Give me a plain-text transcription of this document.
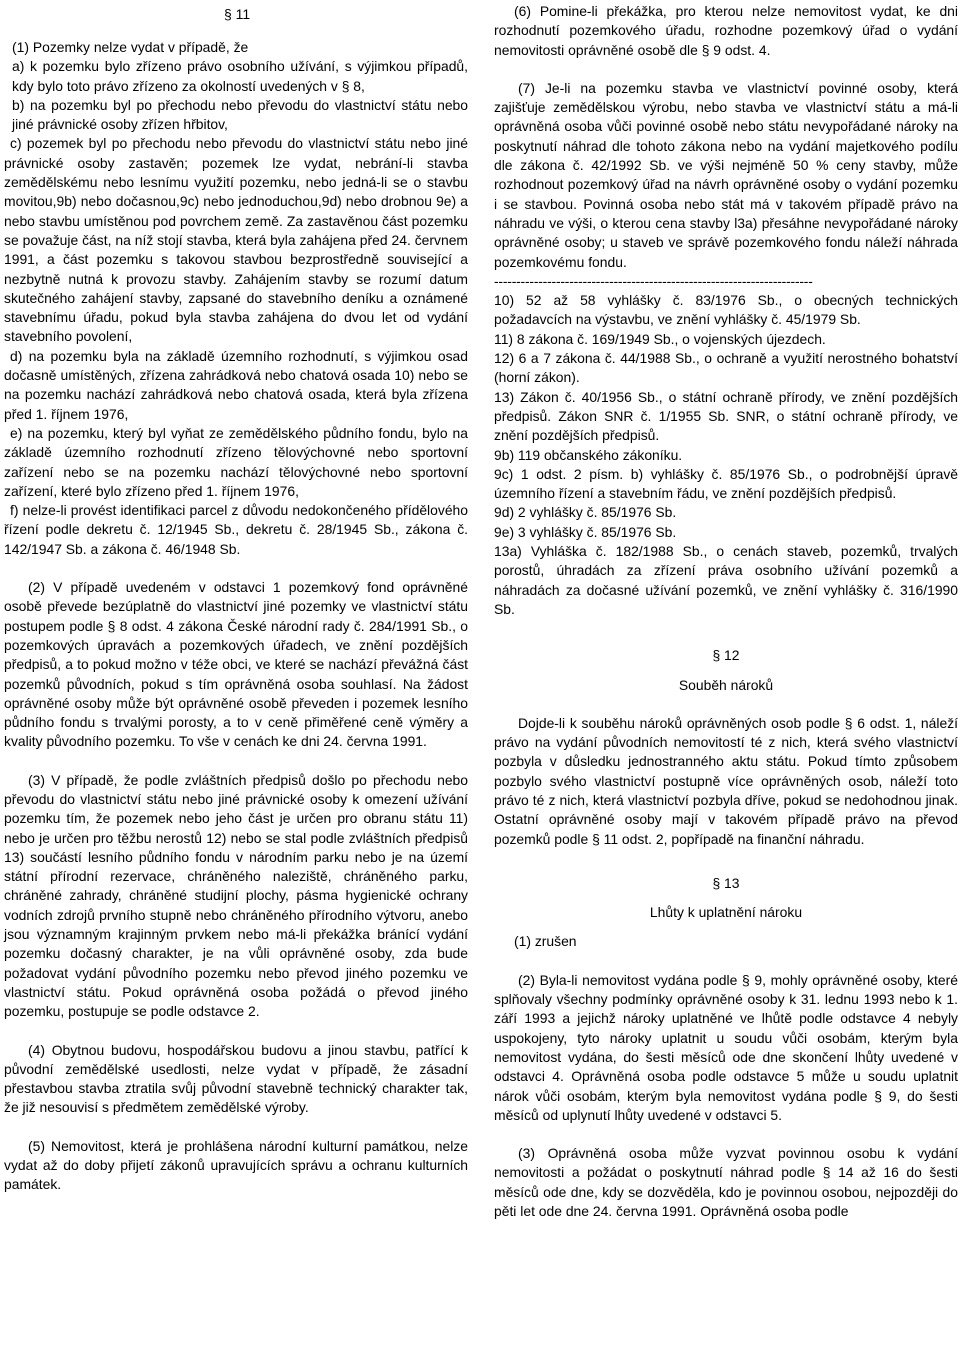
§ 11

(1) Pozemky nelze vydat v případě, že

a) k pozemku bylo zřízeno právo osobního užívání, s výjimkou případů, kdy bylo toto právo zřízeno za okolností uvedených v § 8,

b) na pozemku byl po přechodu nebo převodu do vlastnictví státu nebo jiné právnické osoby zřízen hřbitov,

c) pozemek byl po přechodu nebo převodu do vlastnictví státu nebo jiné právnické osoby zastavěn; pozemek lze vydat, nebrání-li stavba zemědělskému nebo lesnímu využití pozemku, nebo jedná-li se o stavbu movitou,9b) nebo dočasnou,9c) nebo jednoduchou,9d) nebo drobnou 9e) a nebo stavbu umístěnou pod povrchem země. Za zastavěnou část pozemku se považuje část, na níž stojí stavba, která byla zahájena před 24. červnem 1991, a část pozemku s takovou stavbou bezprostředně související a nezbytně nutná k provozu stavby. Zahájením stavby se rozumí datum skutečného zahájení stavby, zapsané do stavebního deníku a oznámené stavebnímu úřadu, pokud byla stavba zahájena do dvou let od vydání stavebního povolení,

d) na pozemku byla na základě územního rozhodnutí, s výjimkou osad dočasně umístěných, zřízena zahrádková nebo chatová osada 10) nebo se na pozemku nachází zahrádková nebo chatová osada, která byla zřízena před 1. říjnem 1976,

e) na pozemku, který byl vyňat ze zemědělského půdního fondu, bylo na základě územního rozhodnutí zřízeno tělovýchovné nebo sportovní zařízení nebo se na pozemku nachází tělovýchovné nebo sportovní zařízení, které bylo zřízeno před 1. říjnem 1976,

f) nelze-li provést identifikaci parcel z důvodu nedokončeného přídělového řízení podle dekretu č. 12/1945 Sb., dekretu č. 28/1945 Sb., zákona č. 142/1947 Sb. a zákona č. 46/1948 Sb.

(2) V případě uvedeném v odstavci 1 pozemkový fond oprávněné osobě převede bezúplatně do vlastnictví jiné pozemky ve vlastnictví státu postupem podle § 8 odst. 4 zákona České národní rady č. 284/1991 Sb., o pozemkových úpravách a pozemkových úřadech, ve znění pozdějších předpisů, a to pokud možno v téže obci, ve které se nachází převážná část pozemků původních, pokud s tím oprávněná osoba souhlasí. Na žádost oprávněné osoby může být oprávněné osobě převeden i pozemek lesního půdního fondu s trvalými porosty, a to v ceně přiměřené ceně výměry a kvality původního pozemku. To vše v cenách ke dni 24. června 1991.

(3) V případě, že podle zvláštních předpisů došlo po přechodu nebo převodu do vlastnictví státu nebo jiné právnické osoby k omezení užívání pozemku tím, že pozemek nebo jeho část je určen pro obranu státu 11) nebo je určen pro těžbu nerostů 12) nebo se stal podle zvláštních předpisů 13) součástí lesního půdního fondu v národním parku nebo je na území státní přírodní rezervace, chráněného naleziště, chráněného parku, chráněné zahrady, chráněné studijní plochy, pásma hygienické ochrany vodních zdrojů prvního stupně nebo chráněného přírodního výtvoru, anebo jsou významným krajinným prvkem nebo má-li překážka bránící vydání pozemku dočasný charakter, je na vůli oprávněné osoby, zda bude požadovat vydání původního pozemku nebo převod jiného pozemku ve vlastnictví státu. Pokud oprávněná osoba požádá o převod jiného pozemku, postupuje se podle odstavce 2.

(4) Obytnou budovu, hospodářskou budovu a jinou stavbu, patřící k původní zemědělské usedlosti, nelze vydat v případě, že zásadní přestavbou stavba ztratila svůj původní stavebně technický charakter tak, že již nesouvisí s předmětem zemědělské výroby.

(5) Nemovitost, která je prohlášena národní kulturní památkou, nelze vydat až do doby přijetí zákonů upravujících správu a ochranu kulturních památek.

(6) Pomine-li překážka, pro kterou nelze nemovitost vydat, ke dni rozhodnutí pozemkového úřadu, rozhodne pozemkový úřad o vydání nemovitosti oprávněné osobě dle § 9 odst. 4.

(7) Je-li na pozemku stavba ve vlastnictví povinné osoby, která zajišťuje zemědělskou výrobu, nebo stavba ve vlastnictví státu a má-li oprávněná osoba vůči povinné osobě nebo státu nevypořádané nároky na poskytnutí náhrad dle tohoto zákona nebo na vydání majetkového podílu dle zákona č. 42/1992 Sb. ve výši nejméně 50 % ceny stavby, může rozhodnout pozemkový úřad na návrh oprávněné osoby o vydání pozemku i se stavbou. Povinná osoba nebo stát má v takovém případě právo na náhradu ve výši, o kterou cena stavby l3a) přesáhne nevypořádané nároky oprávněné osoby; u staveb ve správě pozemkového fondu náleží náhrada pozemkovému fondu.

------------------------------------------------------------------------

10) 52 až 58 vyhlášky č. 83/1976 Sb., o obecných technických požadavcích na výstavbu, ve znění vyhlášky č. 45/1979 Sb.

11) 8 zákona č. 169/1949 Sb., o vojenských újezdech.

12) 6 a 7 zákona č. 44/1988 Sb., o ochraně a využití nerostného bohatství (horní zákon).

13) Zákon č. 40/1956 Sb., o státní ochraně přírody, ve znění pozdějších předpisů. Zákon SNR č. 1/1955 Sb. SNR, o státní ochraně přírody, ve znění pozdějších předpisů.

9b) 119 občanského zákoníku.

9c) 1 odst. 2 písm. b) vyhlášky č. 85/1976 Sb., o podrobnější úpravě územního řízení a stavebním řádu, ve znění pozdějších předpisů.

9d) 2 vyhlášky č. 85/1976 Sb.

9e) 3 vyhlášky č. 85/1976 Sb.

13a) Vyhláška č. 182/1988 Sb., o cenách staveb, pozemků, trvalých porostů, úhradách za zřízení práva osobního užívání pozemků a náhradách za dočasné užívání pozemků, ve znění vyhlášky č. 316/1990 Sb.

§ 12

Souběh nároků

Dojde-li k souběhu nároků oprávněných osob podle § 6 odst. 1, náleží právo na vydání původních nemovitostí té z nich, která svého vlastnictví pozbyla v důsledku jednostranného aktu státu. Pokud tímto způsobem pozbylo svého vlastnictví postupně více oprávněných osob, náleží toto právo té z nich, která vlastnictví pozbyla dříve, pokud se nedohodnou jinak. Ostatní oprávněné osoby mají v takovém případě právo na převod pozemků podle § 11 odst. 2, popřípadě na finanční náhradu.

§ 13

Lhůty k uplatnění nároku

(1) zrušen

(2) Byla-li nemovitost vydána podle § 9, mohly oprávněné osoby, které splňovaly všechny podmínky oprávněné osoby k 31. lednu 1993 nebo k 1. září 1993 a jejichž nároky uplatněné ve lhůtě podle odstavce 4 nebyly uspokojeny, tyto nároky uplatnit u soudu vůči osobám, kterým byla nemovitost vydána, do šesti měsíců ode dne skončení lhůty uvedené v odstavci 4. Oprávněná osoba podle odstavce 5 může u soudu uplatnit nárok vůči osobám, kterým byla nemovitost vydána podle § 9, do šesti měsíců od uplynutí lhůty uvedené v odstavci 5.

(3) Oprávněná osoba může vyzvat povinnou osobu k vydání nemovitosti a požádat o poskytnutí náhrad podle § 14 až 16 do šesti měsíců ode dne, kdy se dozvěděla, kdo je povinnou osobou, nejpozději do pěti let ode dne 24. června 1991. Oprávněná osoba podle
